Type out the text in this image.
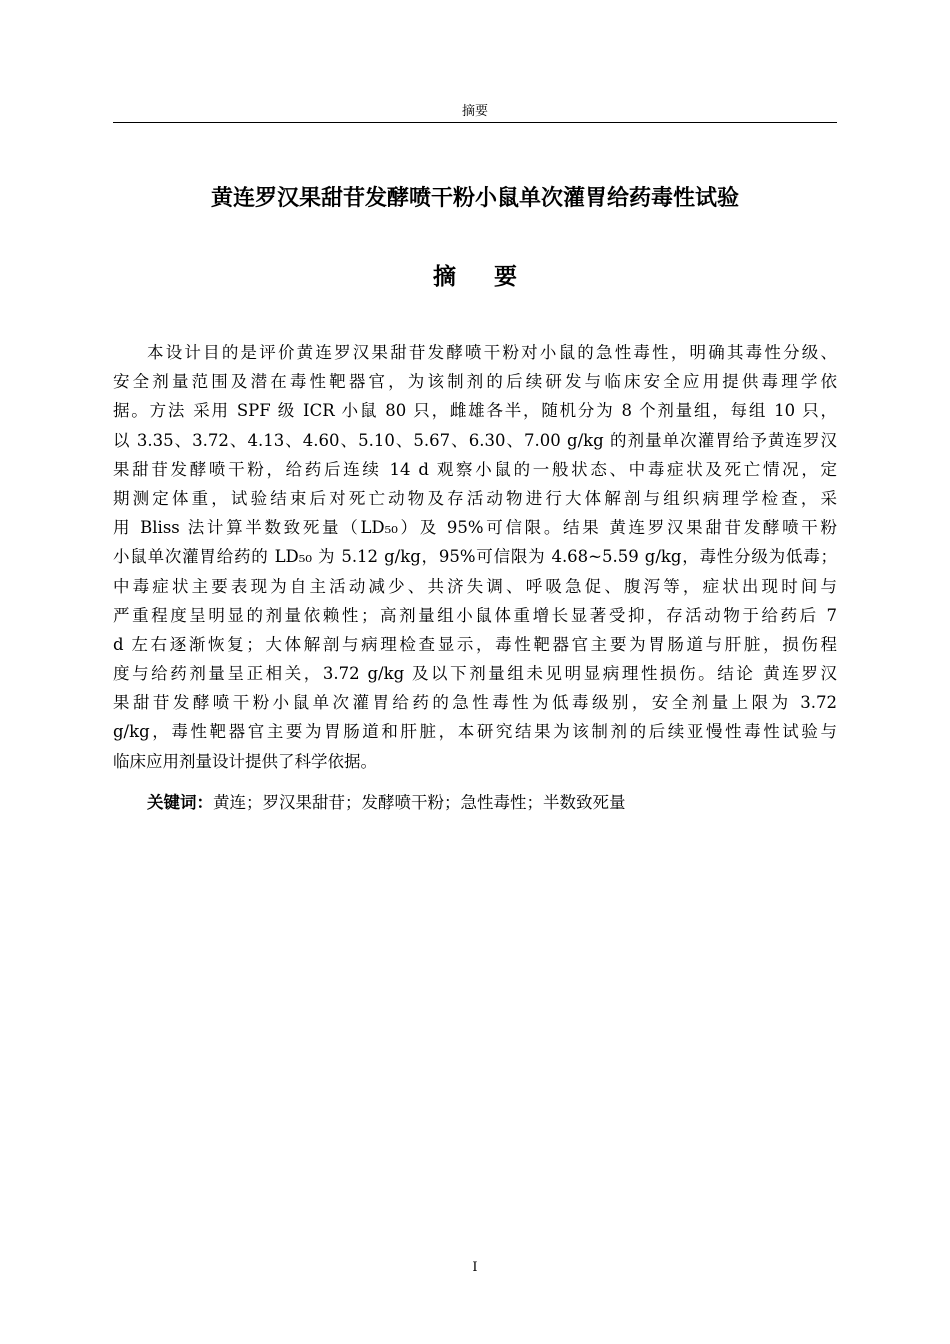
摘要
黄连罗汉果甜苷发酵喷干粉小鼠单次灌胃给药毒性试验
摘要
本设计目的是评价黄连罗汉果甜苷发酵喷干粉对小鼠的急性毒性，明确其毒性分级、
安全剂量范围及潜在毒性靶器官，为该制剂的后续研发与临床安全应用提供毒理学依
据。方法 采用 SPF 级 ICR 小鼠 80 只，雌雄各半，随机分为 8 个剂量组，每组 10 只，
以 3.35、3.72、4.13、4.60、5.10、5.67、6.30、7.00 g/kg 的剂量单次灌胃给予黄连罗汉
果甜苷发酵喷干粉，给药后连续 14 d 观察小鼠的一般状态、中毒症状及死亡情况，定
期测定体重，试验结束后对死亡动物及存活动物进行大体解剖与组织病理学检查，采
用 Bliss 法计算半数致死量（LD₅₀）及 95%可信限。结果 黄连罗汉果甜苷发酵喷干粉
小鼠单次灌胃给药的 LD₅₀ 为 5.12 g/kg，95%可信限为 4.68~5.59 g/kg，毒性分级为低毒；
中毒症状主要表现为自主活动减少、共济失调、呼吸急促、腹泻等，症状出现时间与
严重程度呈明显的剂量依赖性；高剂量组小鼠体重增长显著受抑，存活动物于给药后 7
d 左右逐渐恢复；大体解剖与病理检查显示，毒性靶器官主要为胃肠道与肝脏，损伤程
度与给药剂量呈正相关，3.72 g/kg 及以下剂量组未见明显病理性损伤。结论 黄连罗汉
果甜苷发酵喷干粉小鼠单次灌胃给药的急性毒性为低毒级别，安全剂量上限为 3.72
g/kg，毒性靶器官主要为胃肠道和肝脏，本研究结果为该制剂的后续亚慢性毒性试验与
临床应用剂量设计提供了科学依据。
关键词：黄连；罗汉果甜苷；发酵喷干粉；急性毒性；半数致死量
I
